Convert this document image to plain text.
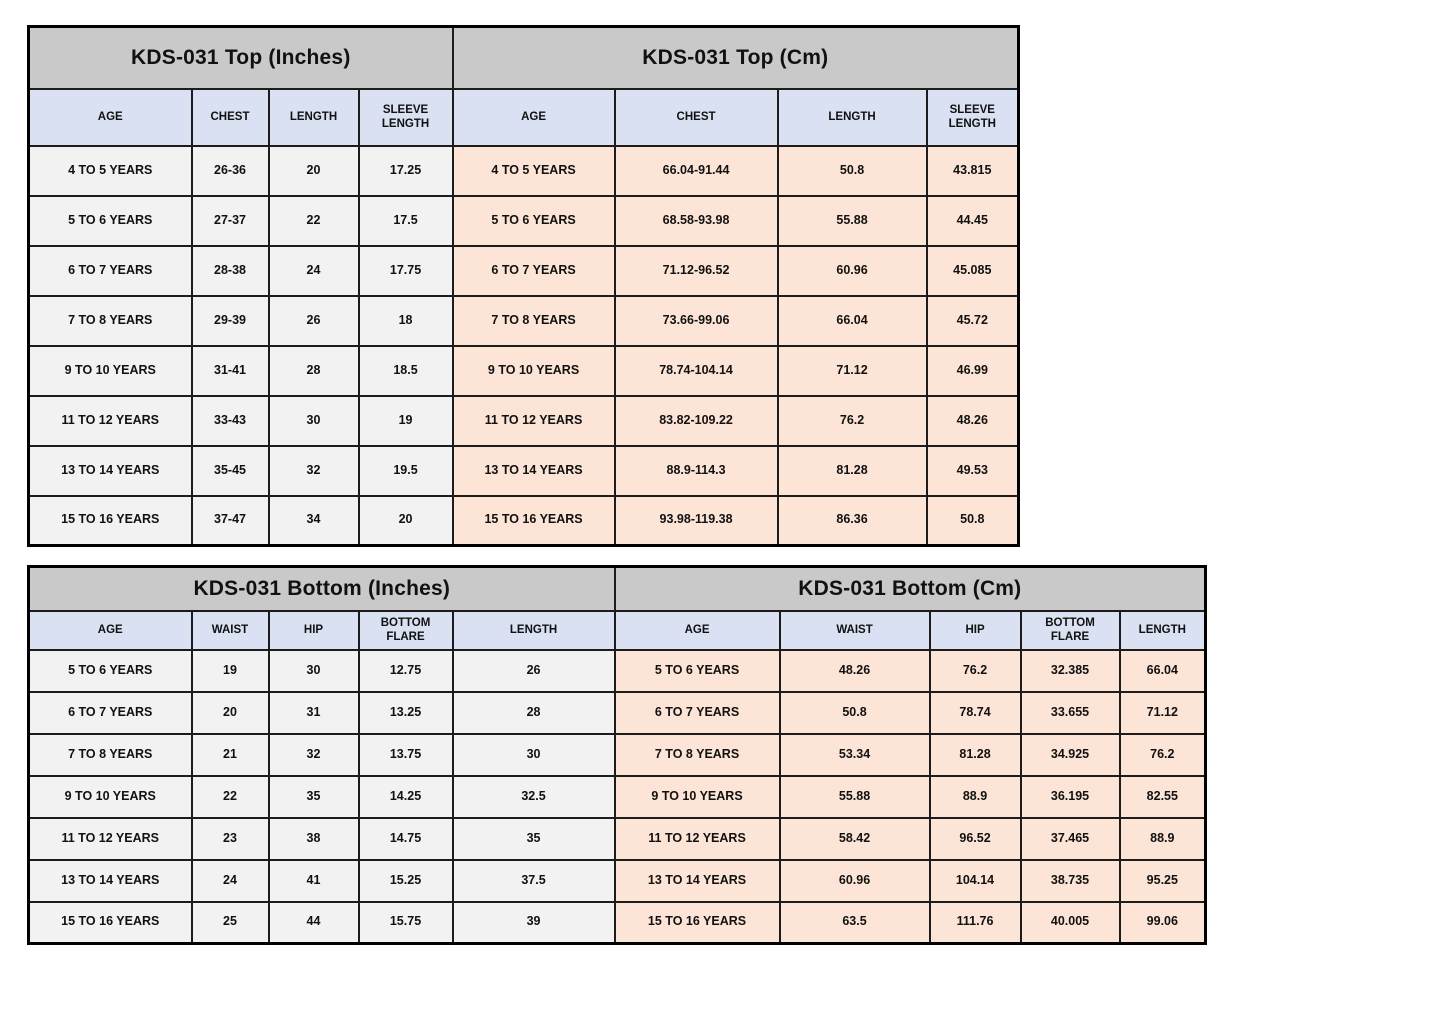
KDS-031 Top (Inches)				KDS-031 Top (Cm)			
AGE	CHEST	LENGTH	SLEEVE LENGTH	AGE	CHEST	LENGTH	SLEEVE LENGTH
4 TO 5 YEARS	26-36	20	17.25	4 TO 5 YEARS	66.04-91.44	50.8	43.815
5 TO 6 YEARS	27-37	22	17.5	5 TO 6 YEARS	68.58-93.98	55.88	44.45
6 TO 7 YEARS	28-38	24	17.75	6 TO 7 YEARS	71.12-96.52	60.96	45.085
7 TO 8 YEARS	29-39	26	18	7 TO 8 YEARS	73.66-99.06	66.04	45.72
9 TO 10 YEARS	31-41	28	18.5	9 TO 10 YEARS	78.74-104.14	71.12	46.99
11 TO 12 YEARS	33-43	30	19	11 TO 12 YEARS	83.82-109.22	76.2	48.26
13 TO 14 YEARS	35-45	32	19.5	13 TO 14 YEARS	88.9-114.3	81.28	49.53
15 TO 16 YEARS	37-47	34	20	15 TO 16 YEARS	93.98-119.38	86.36	50.8
KDS-031 Bottom (Inches)					KDS-031 Bottom (Cm)				
AGE	WAIST	HIP	BOTTOM FLARE	LENGTH	AGE	WAIST	HIP	BOTTOM FLARE	LENGTH
5 TO 6 YEARS	19	30	12.75	26	5 TO 6 YEARS	48.26	76.2	32.385	66.04
6 TO 7 YEARS	20	31	13.25	28	6 TO 7 YEARS	50.8	78.74	33.655	71.12
7 TO 8 YEARS	21	32	13.75	30	7 TO 8 YEARS	53.34	81.28	34.925	76.2
9 TO 10 YEARS	22	35	14.25	32.5	9 TO 10 YEARS	55.88	88.9	36.195	82.55
11 TO 12 YEARS	23	38	14.75	35	11 TO 12 YEARS	58.42	96.52	37.465	88.9
13 TO 14 YEARS	24	41	15.25	37.5	13 TO 14 YEARS	60.96	104.14	38.735	95.25
15 TO 16 YEARS	25	44	15.75	39	15 TO 16 YEARS	63.5	111.76	40.005	99.06
